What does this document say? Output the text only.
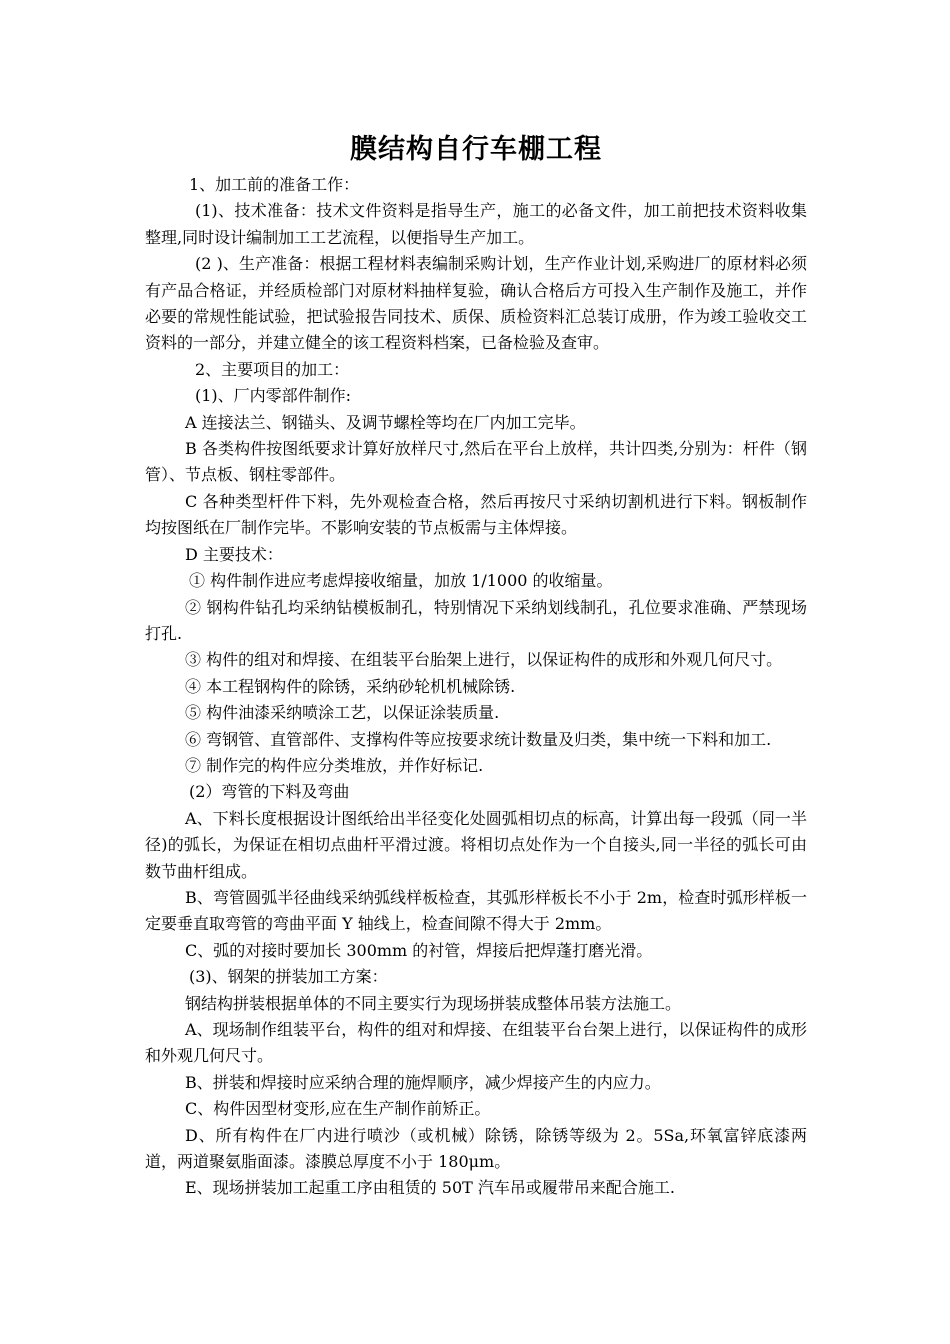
膜结构自行车棚工程

1、加工前的准备工作：

(1)、技术准备：技术文件资料是指导生产，施工的必备文件，加工前把技术资料收集整理,同时设计编制加工工艺流程，以便指导生产加工。

(2 )、生产准备：根据工程材料表编制采购计划，生产作业计划,采购进厂的原材料必须有产品合格证，并经质检部门对原材料抽样复验，确认合格后方可投入生产制作及施工，并作必要的常规性能试验，把试验报告同技术、质保、质检资料汇总装订成册，作为竣工验收交工资料的一部分，并建立健全的该工程资料档案，已备检验及查审。

2、主要项目的加工：

(1)、厂内零部件制作:

A 连接法兰、钢锚头、及调节螺栓等均在厂内加工完毕。

B 各类构件按图纸要求计算好放样尺寸,然后在平台上放样，共计四类,分别为：杆件（钢管）、节点板、钢柱零部件。

C 各种类型杆件下料，先外观检查合格，然后再按尺寸采纳切割机进行下料。钢板制作均按图纸在厂制作完毕。不影响安装的节点板需与主体焊接。

D 主要技术：

① 构件制作进应考虑焊接收缩量，加放 1/1000 的收缩量。

② 钢构件钻孔均采纳钻模板制孔，特别情况下采纳划线制孔，孔位要求准确、严禁现场打孔.

③ 构件的组对和焊接、在组装平台胎架上进行，以保证构件的成形和外观几何尺寸。

④ 本工程钢构件的除锈，采纳砂轮机机械除锈.

⑤ 构件油漆采纳喷涂工艺，以保证涂装质量.

⑥ 弯钢管、直管部件、支撑构件等应按要求统计数量及归类，集中统一下料和加工.

⑦ 制作完的构件应分类堆放，并作好标记.

(2）弯管的下料及弯曲

A、下料长度根据设计图纸给出半径变化处圆弧相切点的标高，计算出每一段弧（同一半径)的弧长，为保证在相切点曲杆平滑过渡。将相切点处作为一个自接头,同一半径的弧长可由数节曲杆组成。

B、弯管圆弧半径曲线采纳弧线样板检查，其弧形样板长不小于 2m，检查时弧形样板一定要垂直取弯管的弯曲平面 Y 轴线上，检查间隙不得大于 2mm。

C、弧的对接时要加长 300mm 的衬管，焊接后把焊蓬打磨光滑。

(3)、钢架的拼装加工方案：

钢结构拼装根据单体的不同主要实行为现场拼装成整体吊装方法施工。

A、现场制作组装平台，构件的组对和焊接、在组装平台台架上进行，以保证构件的成形和外观几何尺寸。

B、拼装和焊接时应采纳合理的施焊顺序，减少焊接产生的内应力。

C、构件因型材变形,应在生产制作前矫正。

D、所有构件在厂内进行喷沙（或机械）除锈，除锈等级为 2。5Sa,环氧富锌底漆两道，两道聚氨脂面漆。漆膜总厚度不小于 180μm。

E、现场拼装加工起重工序由租赁的 50T 汽车吊或履带吊来配合施工.
